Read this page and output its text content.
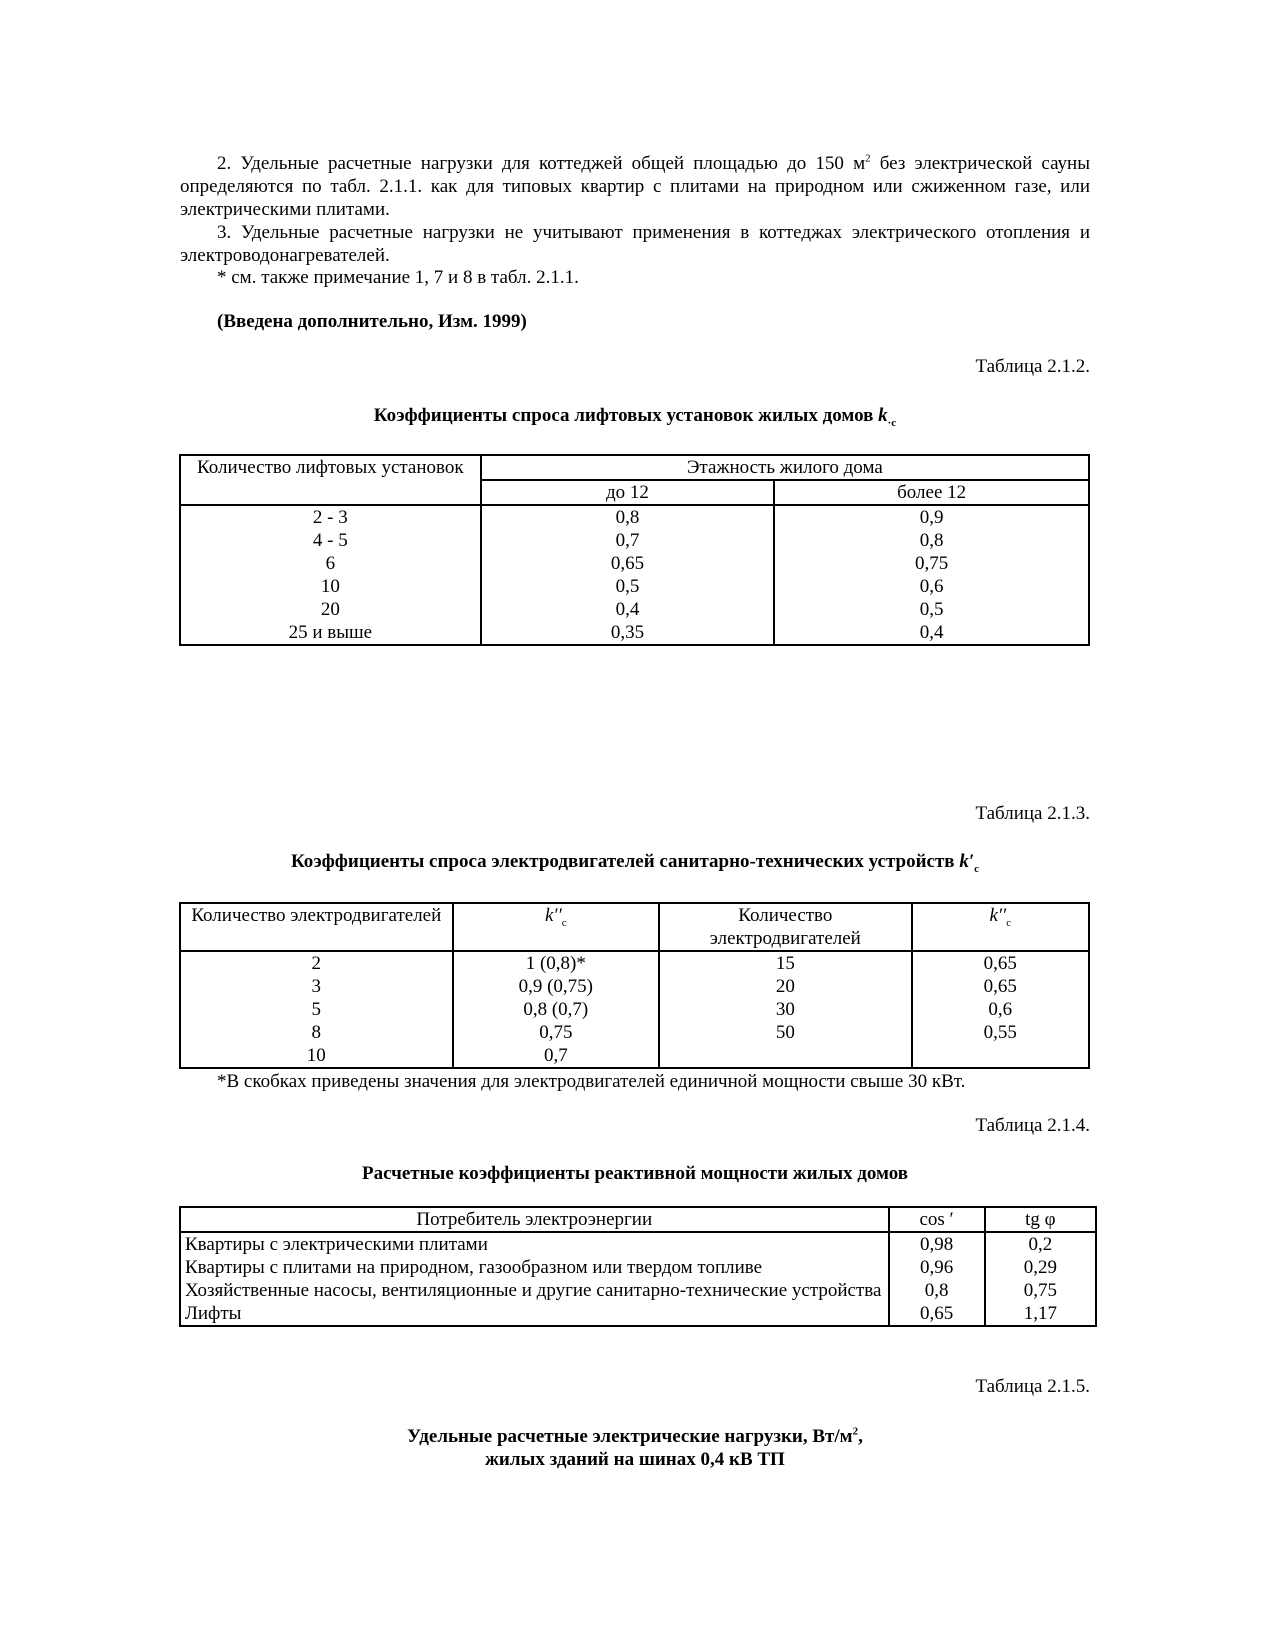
2. Удельные расчетные нагрузки для коттеджей общей площадью до 150 $м^2$ без электрической сауны определяются по табл. 2.1.1. как для типовых квартир с плитами на природном или сжиженном газе, или электрическими плитами.

3. Удельные расчетные нагрузки не учитывают применения в коттеджах электрического отопления и электроводонагревателей.

* см. также примечание 1, 7 и 8 в табл. 2.1.1.

(Введена дополнительно, Изм. 1999)

Таблица 2.1.2.

Коэффициенты спроса лифтовых установок жилых домов $k_{\cdot с}$

Количество лифтовых установок	Этажность жилого дома	
	до 12	более 12
2 - 3	0,8	0,9
4 - 5	0,7	0,8
6	0,65	0,75
10	0,5	0,6
20	0,4	0,5
25 и выше	0,35	0,4

Таблица 2.1.3.

Коэффициенты спроса электродвигателей санитарно-технических устройств $k'_с$

Количество электродвигателей	$k''_с$	Количество электродвигателей	$k''_с$
2	1 (0,8)*	15	0,65
3	0,9 (0,75)	20	0,65
5	0,8 (0,7)	30	0,6
8	0,75	50	0,55
10	0,7		

*В скобках приведены значения для электродвигателей единичной мощности свыше 30 кВт.

Таблица 2.1.4.

Расчетные коэффициенты реактивной мощности жилых домов

Потребитель электроэнергии	cos ′	tg φ
Квартиры с электрическими плитами	0,98	0,2
Квартиры с плитами на природном, газообразном или твердом топливе	0,96	0,29
Хозяйственные насосы, вентиляционные и другие санитарно-технические устройства	0,8	0,75
Лифты	0,65	1,17

Таблица 2.1.5.

Удельные расчетные электрические нагрузки, $Вт/м^2$,
жилых зданий на шинах 0,4 кВ ТП
